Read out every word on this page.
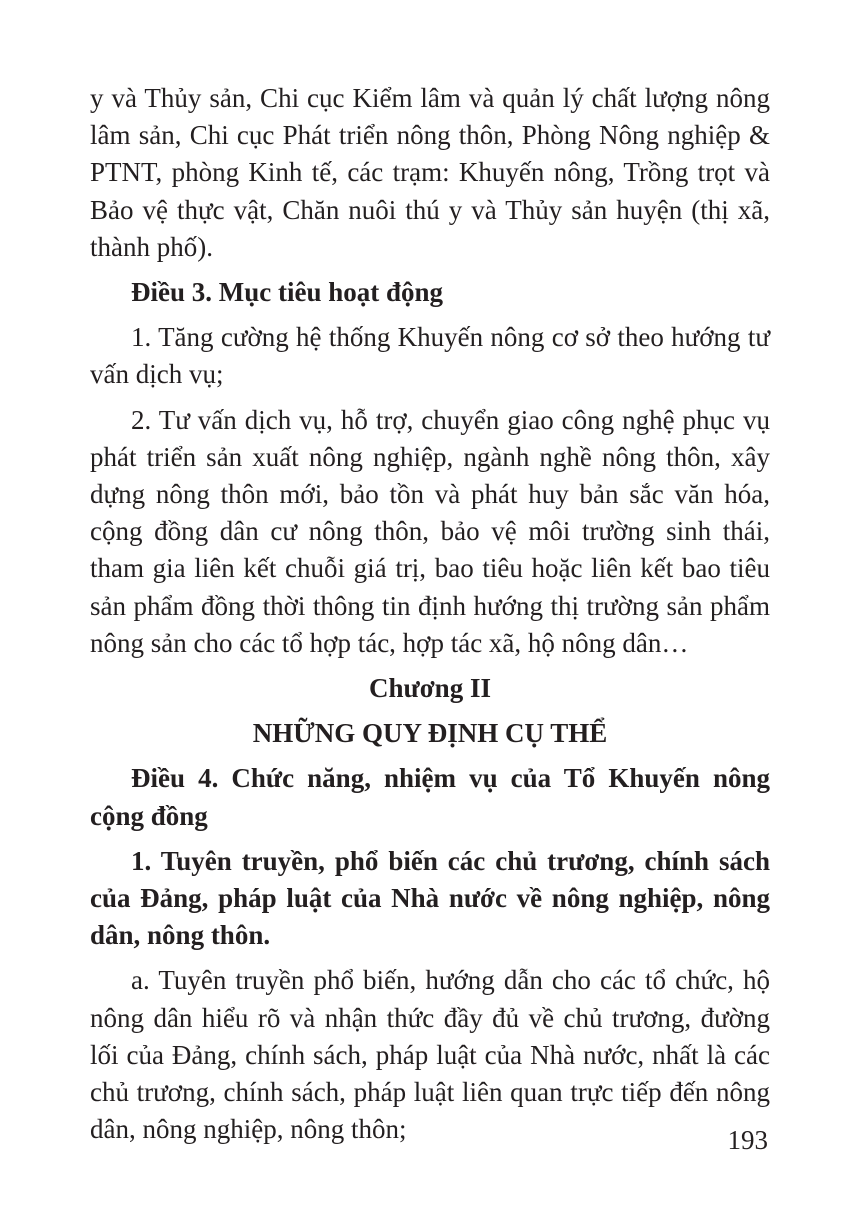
y và Thủy sản, Chi cục Kiểm lâm và quản lý chất lượng nông lâm sản, Chi cục Phát triển nông thôn, Phòng Nông nghiệp & PTNT, phòng Kinh tế, các trạm: Khuyến nông, Trồng trọt và Bảo vệ thực vật, Chăn nuôi thú y và Thủy sản huyện (thị xã, thành phố).

Điều 3. Mục tiêu hoạt động

1. Tăng cường hệ thống Khuyến nông cơ sở theo hướng tư vấn dịch vụ;

2. Tư vấn dịch vụ, hỗ trợ, chuyển giao công nghệ phục vụ phát triển sản xuất nông nghiệp, ngành nghề nông thôn, xây dựng nông thôn mới, bảo tồn và phát huy bản sắc văn hóa, cộng đồng dân cư nông thôn, bảo vệ môi trường sinh thái, tham gia liên kết chuỗi giá trị, bao tiêu hoặc liên kết bao tiêu sản phẩm đồng thời thông tin định hướng thị trường sản phẩm nông sản cho các tổ hợp tác, hợp tác xã, hộ nông dân…

Chương II

NHỮNG QUY ĐỊNH CỤ THỂ

Điều 4. Chức năng, nhiệm vụ của Tổ Khuyến nông cộng đồng

1. Tuyên truyền, phổ biến các chủ trương, chính sách của Đảng, pháp luật của Nhà nước về nông nghiệp, nông dân, nông thôn.

a. Tuyên truyền phổ biến, hướng dẫn cho các tổ chức, hộ nông dân hiểu rõ và nhận thức đầy đủ về chủ trương, đường lối của Đảng, chính sách, pháp luật của Nhà nước, nhất là các chủ trương, chính sách, pháp luật liên quan trực tiếp đến nông dân, nông nghiệp, nông thôn;	193
